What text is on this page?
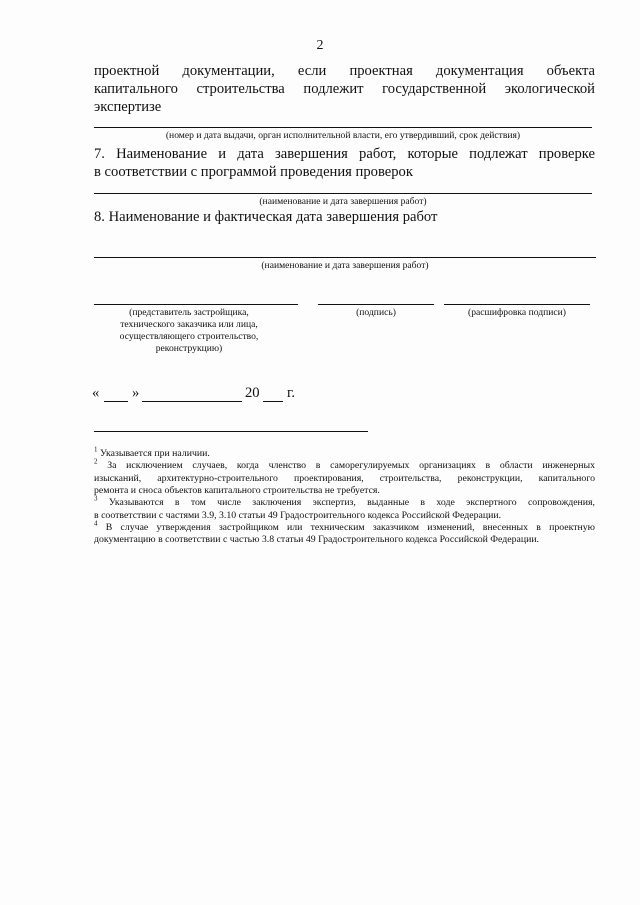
2
проектной документации, если проектная документация объекта
капитального строительства подлежит государственной экологической
экспертизе
(номер и дата выдачи, орган исполнительной власти, его утвердивший, срок действия)
7. Наименование и дата завершения работ, которые подлежат проверке
в соответствии с программой проведения проверок
(наименование и дата завершения работ)
8. Наименование и фактическая дата завершения работ
(наименование и дата завершения работ)
(представитель застройщика,
технического заказчика или лица,
осуществляющего строительство,
реконструкцию)
(подпись)	(расшифровка подписи)
« »	20 г.
$^1$ Указывается при наличии.
$^2$ За исключением случаев, когда членство в саморегулируемых организациях в области инженерных
изысканий, архитектурно-строительного проектирования, строительства, реконструкции, капитального
ремонта и сноса объектов капитального строительства не требуется.
$^3$ Указываются в том числе заключения экспертиз, выданные в ходе экспертного сопровождения,
в соответствии с частями 3.9, 3.10 статьи 49 Градостроительного кодекса Российской Федерации.
$^4$ В случае утверждения застройщиком или техническим заказчиком изменений, внесенных в проектную
документацию в соответствии с частью 3.8 статьи 49 Градостроительного кодекса Российской Федерации.
